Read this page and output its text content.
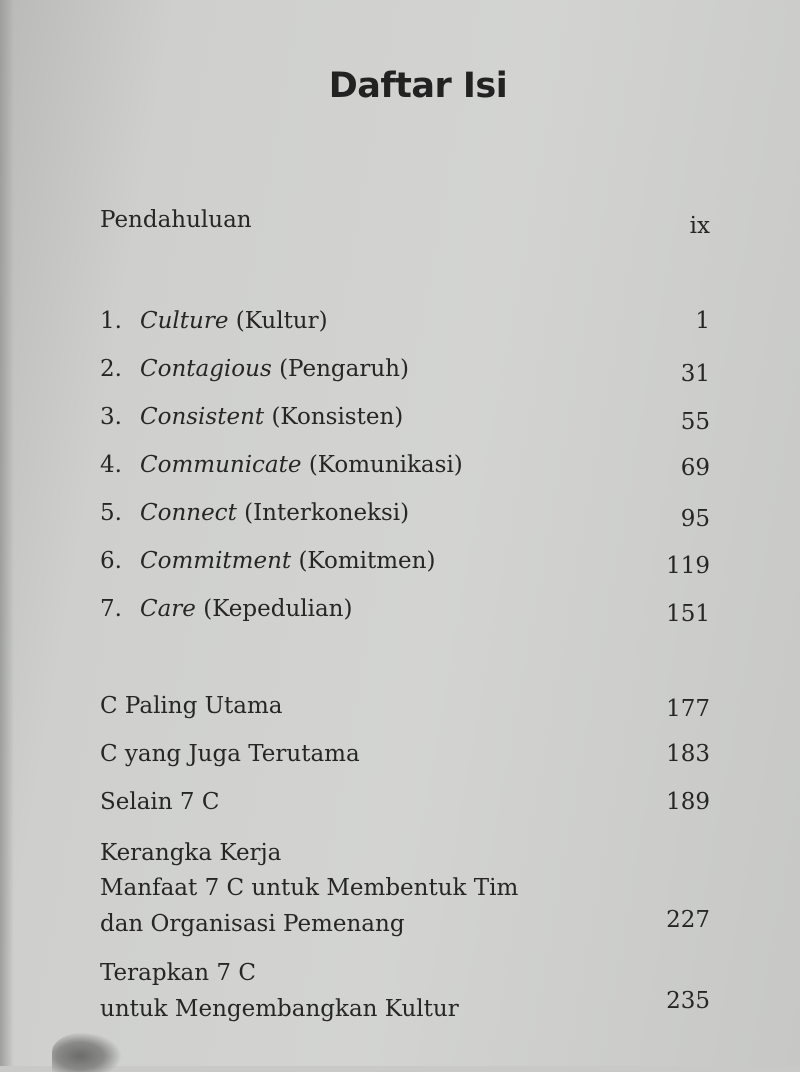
Daftar Isi
Pendahuluan	ix
1. Culture (Kultur)	1
2. Contagious (Pengaruh)	31
3. Consistent (Konsisten)	55
4. Communicate (Komunikasi)	69
5. Connect (Interkoneksi)	95
6. Commitment (Komitmen)	119
7. Care (Kepedulian)	151
C Paling Utama	177
C yang Juga Terutama	183
Selain 7 C	189
Kerangka Kerja
Manfaat 7 C untuk Membentuk Tim
dan Organisasi Pemenang	227
Terapkan 7 C
untuk Mengembangkan Kultur	235
